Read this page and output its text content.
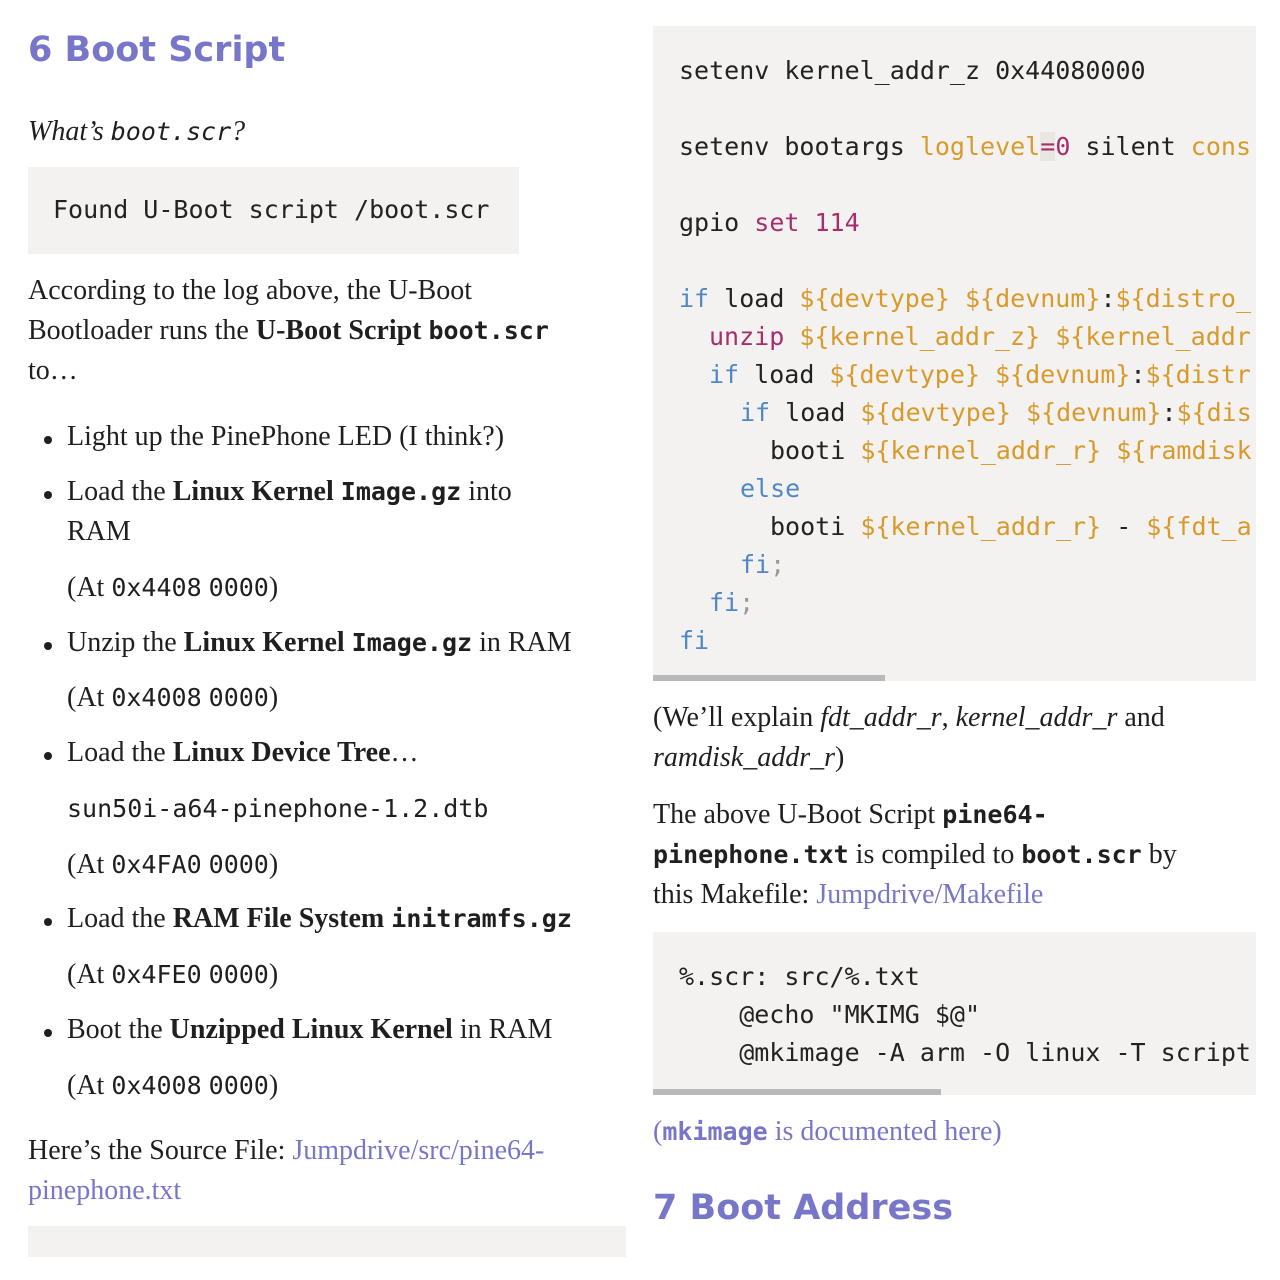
6 Boot Script
What’s boot.scr?
Found U-Boot script /boot.scr
According to the log above, the U-Boot
Bootloader runs the U-Boot Script boot.scr
to…
Light up the PinePhone LED (I think?)
Load the Linux Kernel Image.gz into
RAM
(At 0x4408 0000)
Unzip the Linux Kernel Image.gz in RAM
(At 0x4008 0000)
Load the Linux Device Tree…
sun50i-a64-pinephone-1.2.dtb
(At 0x4FA0 0000)
Load the RAM File System initramfs.gz
(At 0x4FE0 0000)
Boot the Unzipped Linux Kernel in RAM
(At 0x4008 0000)
Here’s the Source File: Jumpdrive/src/pine64-
pinephone.txt
setenv kernel_addr_z 0x44080000
setenv bootargs loglevel=0 silent cons
gpio set 114
if load ${devtype} ${devnum}:${distro_
unzip ${kernel_addr_z} ${kernel_addr
if load ${devtype} ${devnum}:${distr
if load ${devtype} ${devnum}:${dis
booti ${kernel_addr_r} ${ramdisk
else
booti ${kernel_addr_r} - ${fdt_a
fi;
fi;
fi
(We’ll explain fdt_addr_r, kernel_addr_r and
ramdisk_addr_r)
The above U-Boot Script pine64-
pinephone.txt is compiled to boot.scr by
this Makefile: Jumpdrive/Makefile
%.scr: src/%.txt
@echo "MKIMG $@"
@mkimage -A arm -O linux -T script
(mkimage is documented here)
7 Boot Address
